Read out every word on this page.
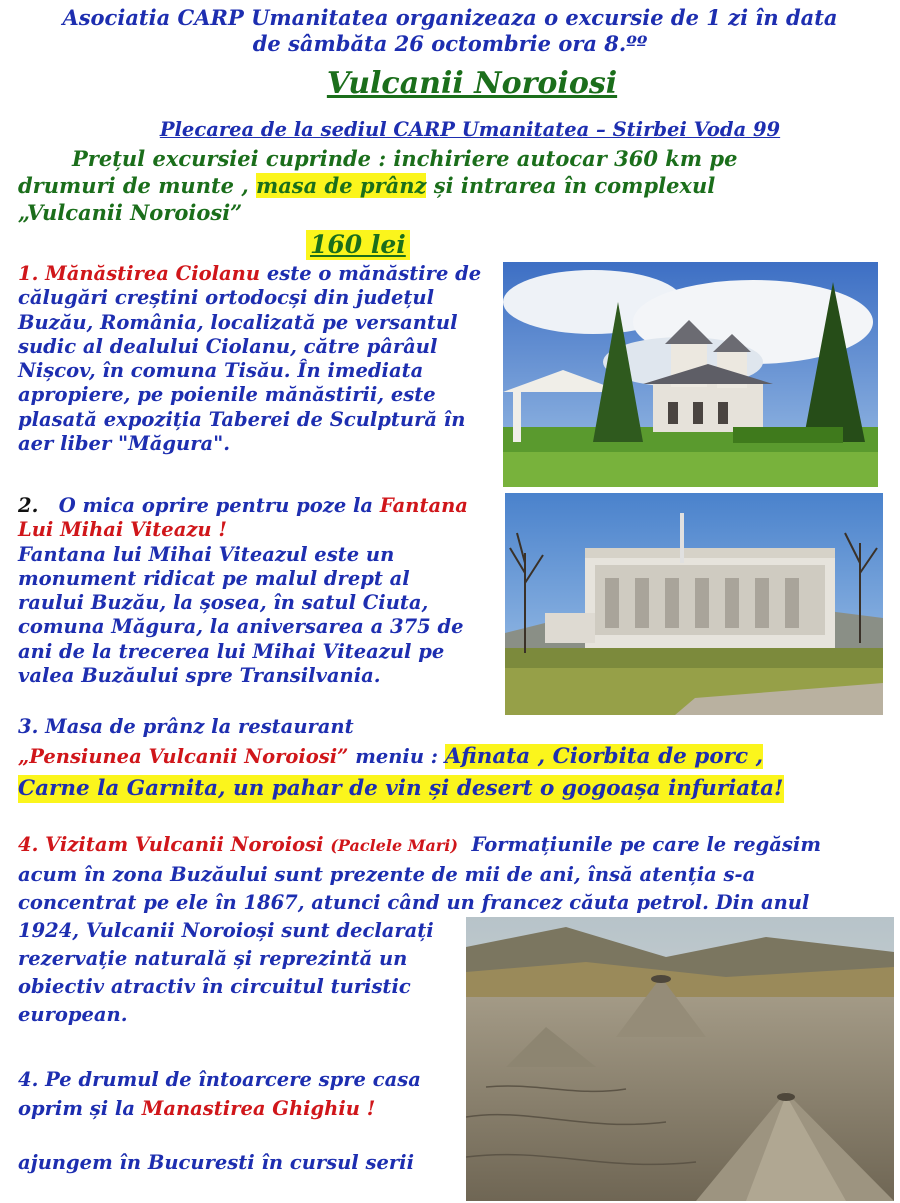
Asociatia CARP Umanitatea organizeaza o excursie de 1 zi în data
de sâmbăta 26 octombrie ora 8.ºº
Vulcanii Noroiosi
Plecarea de la sediul CARP Umanitatea – Stirbei Voda 99
Prețul excursiei cuprinde : inchiriere autocar 360 km pe
drumuri de munte , masa de prânz și intrarea în complexul
„Vulcanii Noroiosi”
160 lei
1. Mănăstirea Ciolanu este o mănăstire de
călugări creștini ortodocși din județul
Buzău, România, localizată pe versantul
sudic al dealului Ciolanu, către pârâul
Nișcov, în comuna Tisău. În imediata
apropiere, pe poienile mănăstirii, este
plasată expoziția Taberei de Sculptură în
aer liber "Măgura".
2. O mica oprire pentru poze la Fantana
Lui Mihai Viteazu !
Fantana lui Mihai Viteazul este un
monument ridicat pe malul drept al
raului Buzău, la șosea, în satul Ciuta,
comuna Măgura, la aniversarea a 375 de
ani de la trecerea lui Mihai Viteazul pe
valea Buzăului spre Transilvania.
3. Masa de prânz la restaurant
„Pensiunea Vulcanii Noroiosi” meniu : Afinata , Ciorbita de porc ,
Carne la Garnita, un pahar de vin și desert o gogoașa infuriata!
4. Vizitam Vulcanii Noroiosi (Paclele Mari) Formațiunile pe care le regăsim
acum în zona Buzăului sunt prezente de mii de ani, însă atenția s-a
concentrat pe ele în 1867, atunci când un francez căuta petrol. Din anul
1924, Vulcanii Noroioși sunt declarați
rezervație naturală și reprezintă un
obiectiv atractiv în circuitul turistic
european.
4. Pe drumul de întoarcere spre casa
oprim și la Manastirea Ghighiu !
ajungem în Bucuresti în cursul serii
